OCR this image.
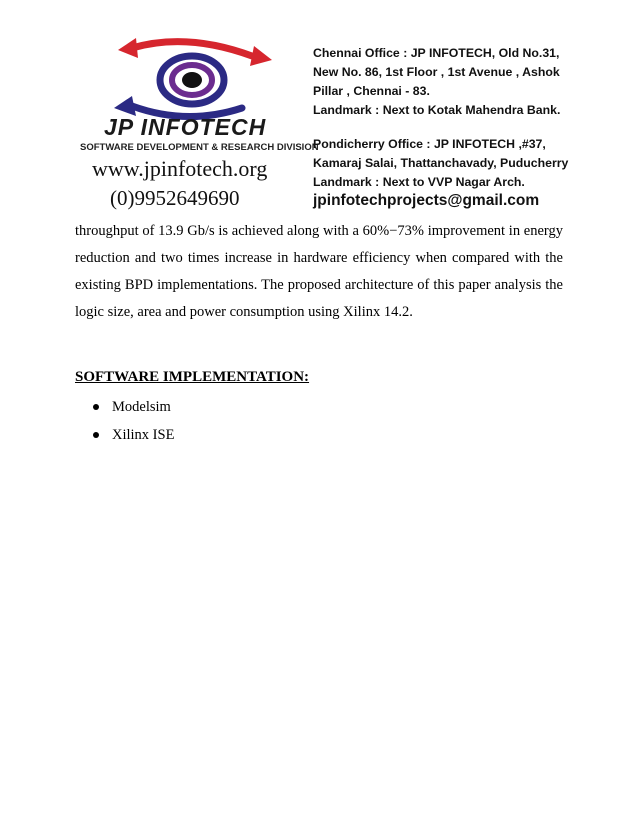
JP INFOTECH
SOFTWARE DEVELOPMENT & RESEARCH DIVISION
www.jpinfotech.org
(0)9952649690
Chennai Office : JP INFOTECH, Old No.31,
New No. 86, 1st Floor , 1st Avenue , Ashok
Pillar , Chennai - 83.
Landmark : Next to Kotak Mahendra Bank.
Pondicherry Office : JP INFOTECH ,#37,
Kamaraj Salai, Thattanchavady, Puducherry
Landmark : Next to VVP Nagar Arch.
jpinfotechprojects@gmail.com

throughput of 13.9 Gb/s is achieved along with a 60%−73% improvement in energy reduction and two times increase in hardware efficiency when compared with the existing BPD implementations. The proposed architecture of this paper analysis the logic size, area and power consumption using Xilinx 14.2.

SOFTWARE IMPLEMENTATION:
Modelsim
Xilinx ISE
